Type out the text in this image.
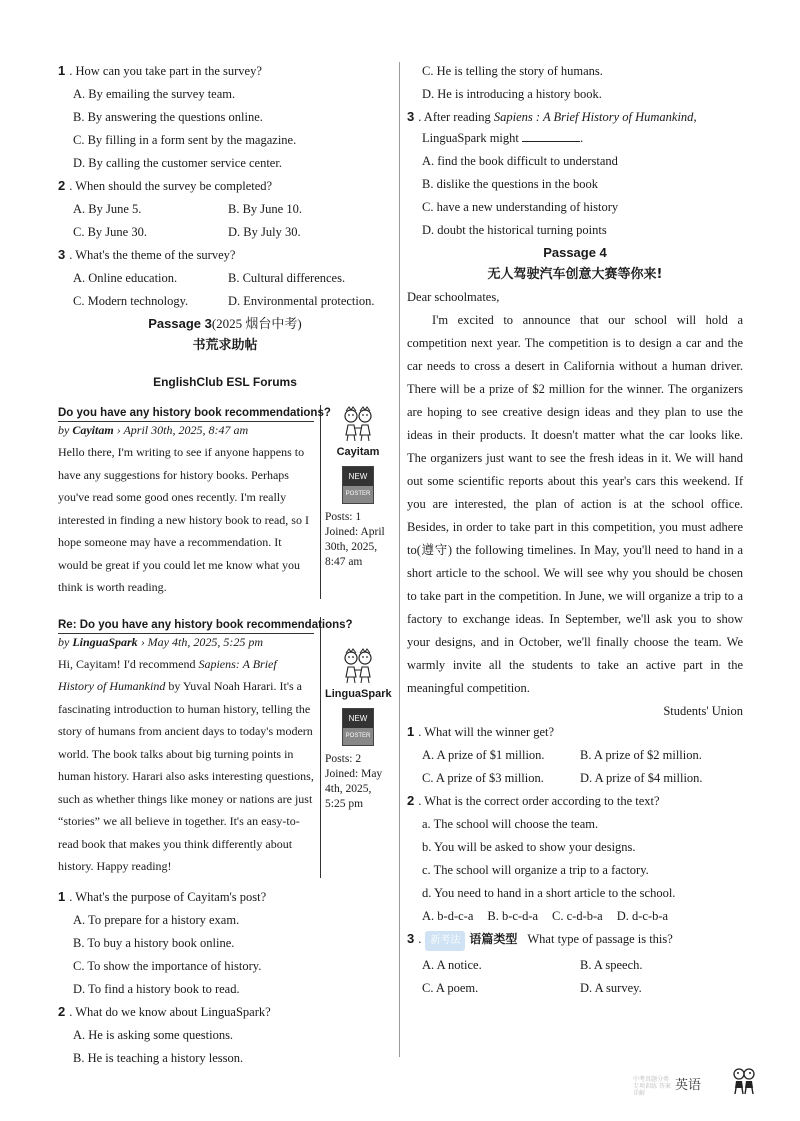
1 . How can you take part in the survey?
A. By emailing the survey team.
B. By answering the questions online.
C. By filling in a form sent by the magazine.
D. By calling the customer service center.
2 . When should the survey be completed?
A. By June 5.	B. By June 10.
C. By June 30.	D. By July 30.
3 . What's the theme of the survey?
A. Online education.	B. Cultural differences.
C. Modern technology.	D. Environmental protection.
Passage 3(2025 烟台中考)
书荒求助帖
EnglishClub ESL Forums
Do you have any history book recommendations?
by Cayitam › April 30th, 2025, 8:47 am
Hello there, I'm writing to see if anyone happens to have any suggestions for history books. Perhaps you've read some good ones recently. I'm really interested in finding a new history book to read, so I hope someone may have a recommendation. It would be great if you could let me know what you think is worth reading.
Cayitam
NEW
POSTER
Posts: 1
Joined: April 30th, 2025, 8:47 am
Re: Do you have any history book recommendations?
by LinguaSpark › May 4th, 2025, 5:25 pm
Hi, Cayitam! I'd recommend Sapiens: A Brief History of Humankind by Yuval Noah Harari. It's a fascinating introduction to human history, telling the story of humans from ancient days to today's modern world. The book talks about big turning points in human history. Harari also asks interesting questions, such as whether things like money or nations are just “stories” we all believe in together. It's an easy-to-read book that makes you think differently about history. Happy reading!
LinguaSpark
NEW
POSTER
Posts: 2
Joined: May 4th, 2025, 5:25 pm
1 . What's the purpose of Cayitam's post?
A. To prepare for a history exam.
B. To buy a history book online.
C. To show the importance of history.
D. To find a history book to read.
2 . What do we know about LinguaSpark?
A. He is asking some questions.
B. He is teaching a history lesson.
C. He is telling the story of humans.
D. He is introducing a history book.
3 . After reading Sapiens : A Brief History of Humankind,
LinguaSpark might	.
A. find the book difficult to understand
B. dislike the questions in the book
C. have a new understanding of history
D. doubt the historical turning points
Passage 4
无人驾驶汽车创意大赛等你来!
Dear schoolmates,

I'm excited to announce that our school will hold a competition next year. The competition is to design a car and the car needs to cross a desert in California without a human driver. There will be a prize of $2 million for the winner. The organizers are hoping to see creative design ideas and they plan to use the ideas in their products. It doesn't matter what the car looks like. The organizers just want to see the fresh ideas in it. We will hand out some scientific reports about this year's cars this weekend. If you are interested, the plan of action is at the school office. Besides, in order to take part in this competition, you must adhere to(遵守) the following timelines. In May, you'll need to hand in a short article to the school. We will see why you should be chosen to take part in the competition. In June, we will organize a trip to a factory to exchange ideas. In September, we'll ask you to show your designs, and in October, we'll finally choose the team. We warmly invite all the students to take an active part in the meaningful competition.

Students' Union
1 . What will the winner get?
A. A prize of $1 million.	B. A prize of $2 million.
C. A prize of $3 million.	D. A prize of $4 million.
2 . What is the correct order according to the text?
a. The school will choose the team.
b. You will be asked to show your designs.
c. The school will organize a trip to a factory.
d. You need to hand in a short article to the school.
A. b-d-c-a B. b-c-d-a C. c-d-b-a D. d-c-b-a
3 . 新考法 语篇类型 What type of passage is this?
A. A notice.	B. A speech.
C. A poem.	D. A survey.
中考真题分类 专项训练 答案详解
英语
